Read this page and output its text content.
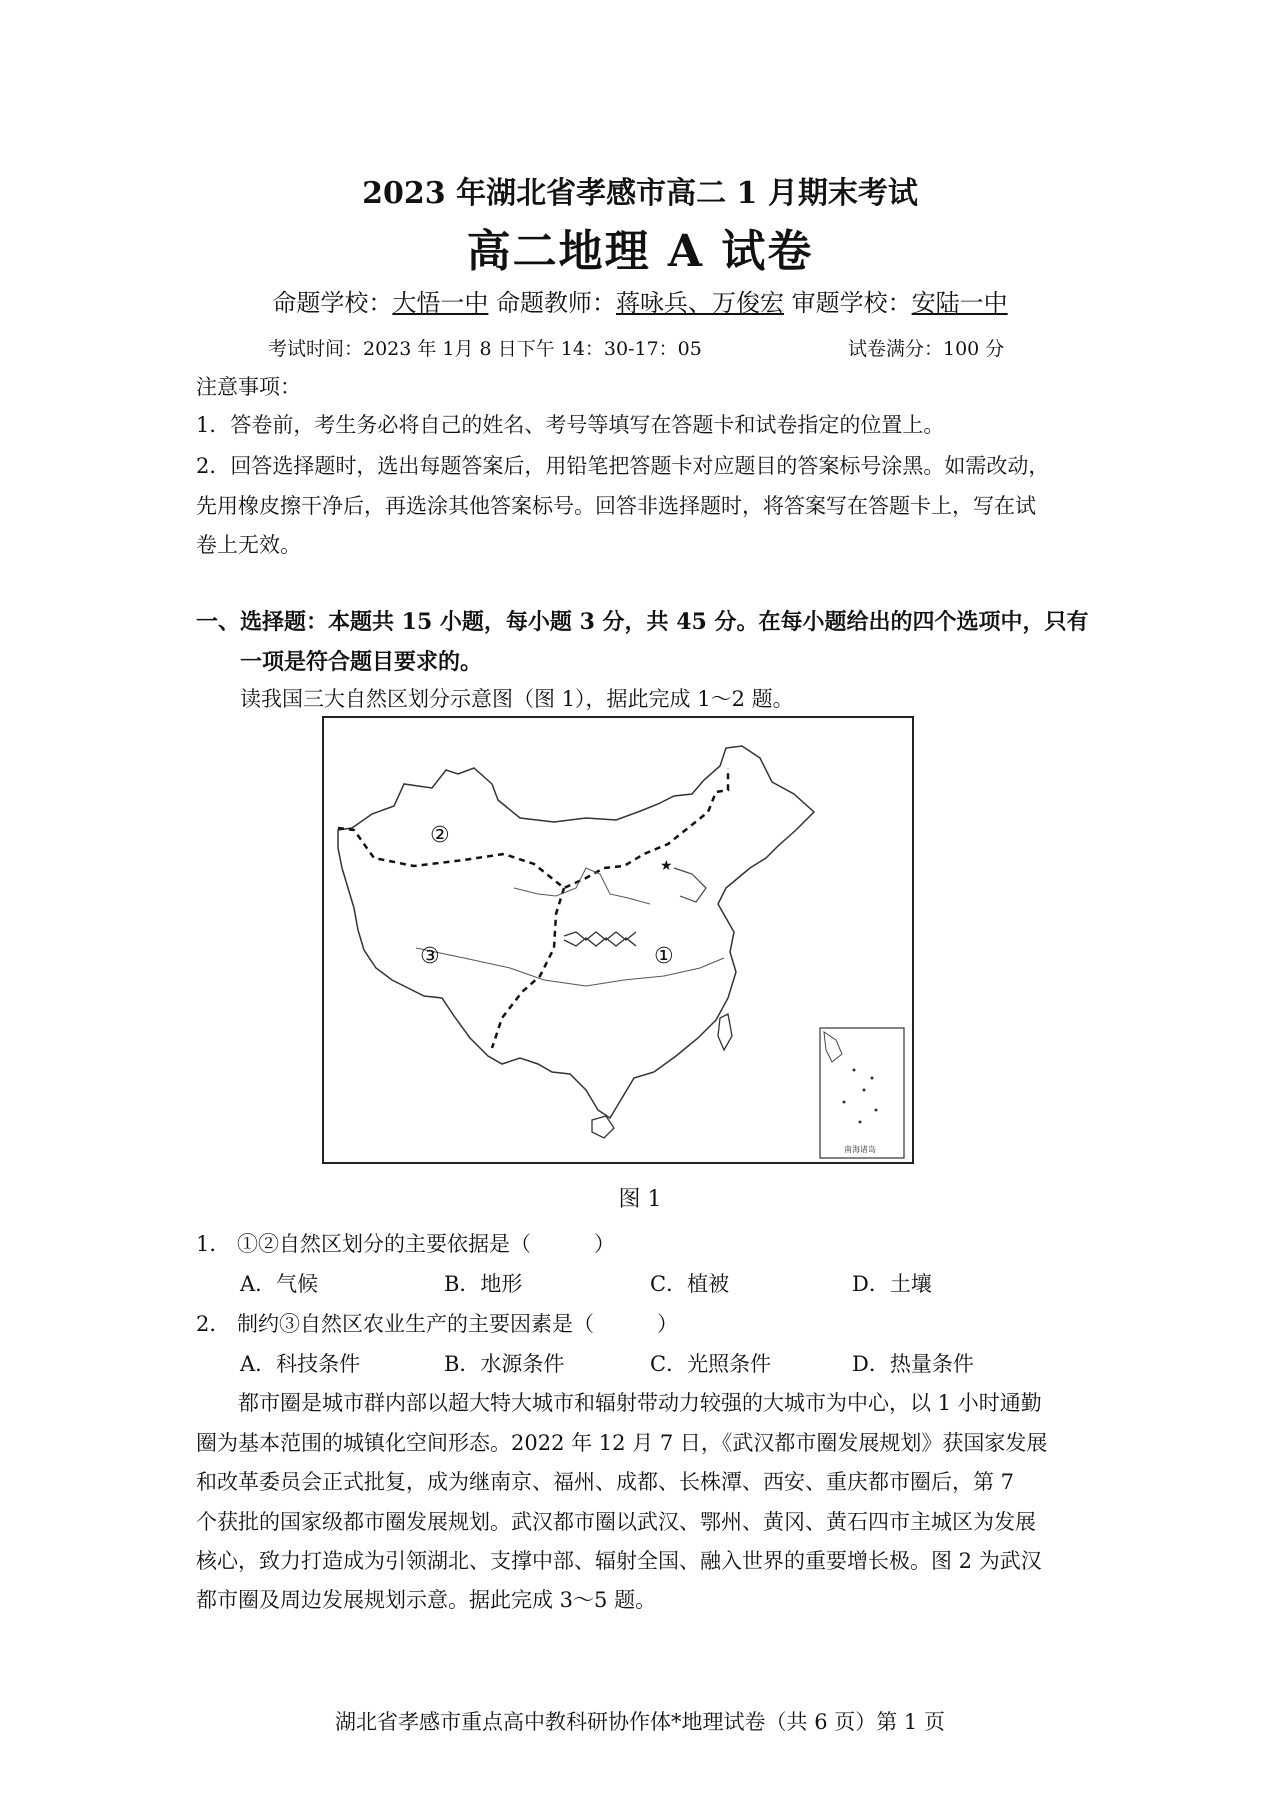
2023 年湖北省孝感市高二 1 月期末考试
高二地理 A 试卷
命题学校：大悟一中 命题教师：蒋咏兵、万俊宏 审题学校：安陆一中
考试时间：2023 年 1月 8 日下午 14：30-17：05	试卷满分：100 分
注意事项：
1．答卷前，考生务必将自己的姓名、考号等填写在答题卡和试卷指定的位置上。
2．回答选择题时，选出每题答案后，用铅笔把答题卡对应题目的答案标号涂黑。如需改动，
先用橡皮擦干净后，再选涂其他答案标号。回答非选择题时，将答案写在答题卡上，写在试
卷上无效。
一、选择题：本题共 15 小题，每小题 3 分，共 45 分。在每小题给出的四个选项中，只有
一项是符合题目要求的。
读我国三大自然区划分示意图（图 1），据此完成 1～2 题。
★
①
②
③
南海诸岛
图 1
1． ①②自然区划分的主要依据是（　　　）
A．气候	B．地形	C．植被	D．土壤
2． 制约③自然区农业生产的主要因素是（　　　）
A．科技条件	B．水源条件	C．光照条件	D．热量条件
　　都市圈是城市群内部以超大特大城市和辐射带动力较强的大城市为中心，以 1 小时通勤
圈为基本范围的城镇化空间形态。2022 年 12 月 7 日，《武汉都市圈发展规划》获国家发展
和改革委员会正式批复，成为继南京、福州、成都、长株潭、西安、重庆都市圈后，第 7
个获批的国家级都市圈发展规划。武汉都市圈以武汉、鄂州、黄冈、黄石四市主城区为发展
核心，致力打造成为引领湖北、支撑中部、辐射全国、融入世界的重要增长极。图 2 为武汉
都市圈及周边发展规划示意。据此完成 3～5 题。
湖北省孝感市重点高中教科研协作体*地理试卷（共 6 页）第 1 页
